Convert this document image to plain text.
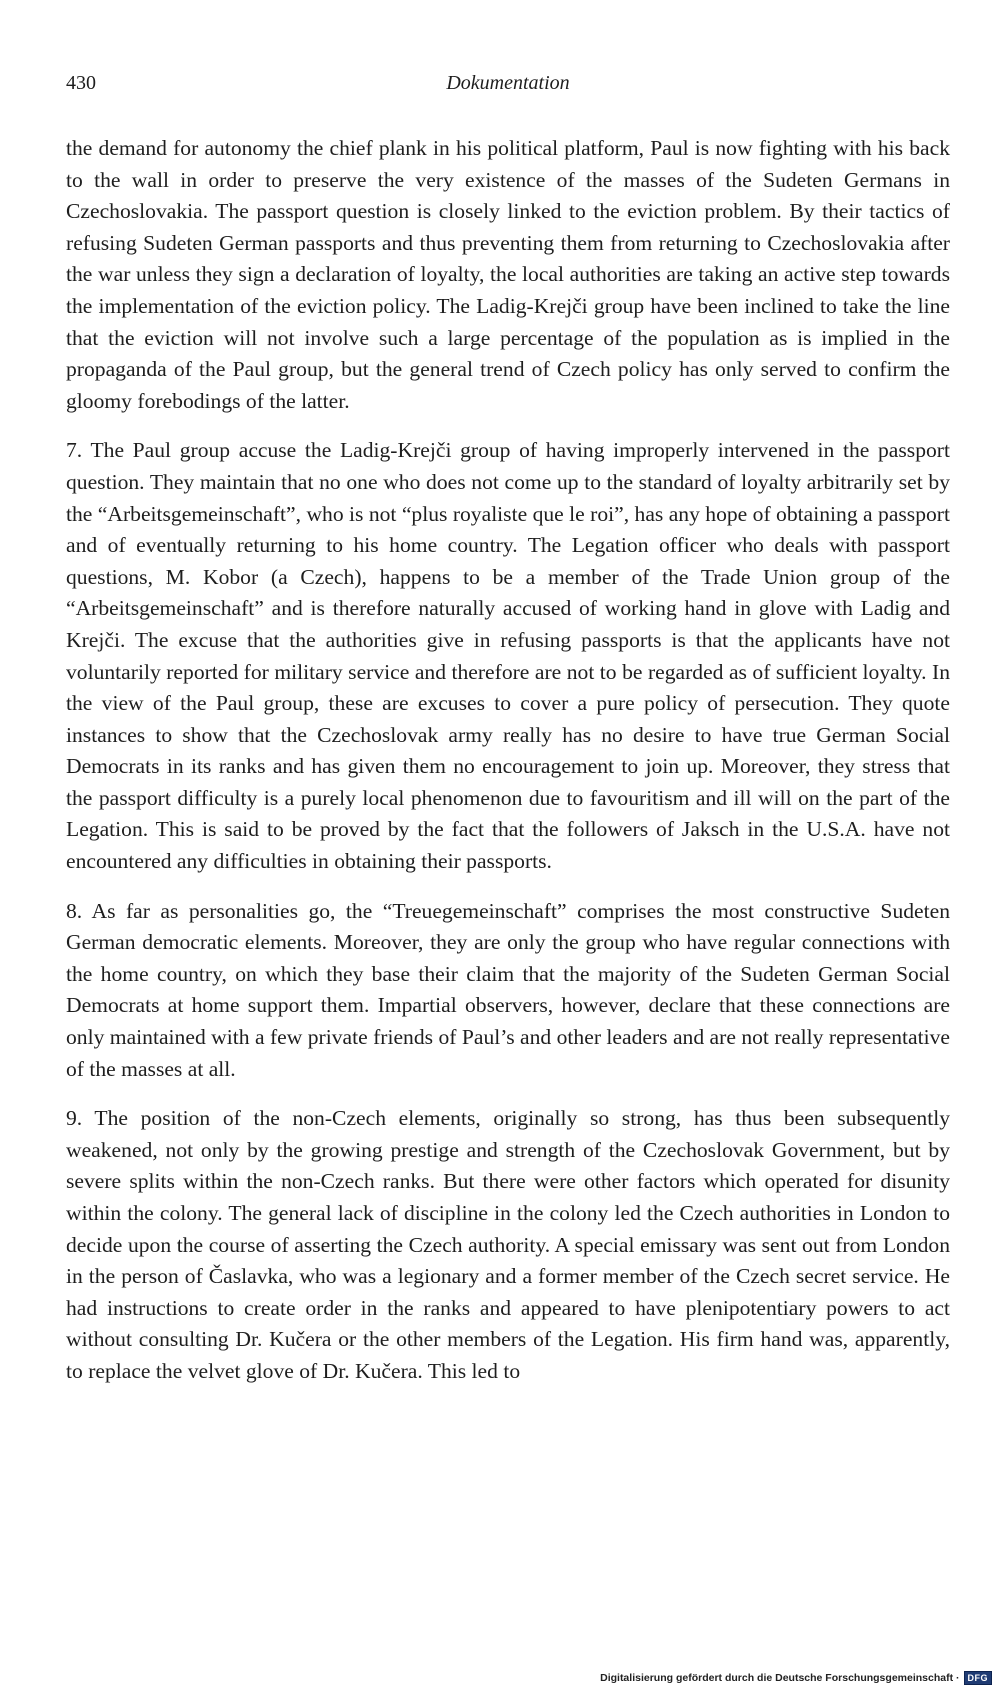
430	Dokumentation

the demand for autonomy the chief plank in his political platform, Paul is now fighting with his back to the wall in order to preserve the very existence of the masses of the Sudeten Germans in Czechoslovakia. The passport question is closely linked to the eviction problem. By their tactics of refusing Sudeten German passports and thus preventing them from returning to Czechoslovakia after the war unless they sign a declaration of loyalty, the local authorities are taking an active step towards the implementation of the eviction policy. The Ladig-Krejči group have been inclined to take the line that the eviction will not involve such a large percentage of the population as is implied in the propaganda of the Paul group, but the general trend of Czech policy has only served to confirm the gloomy forebodings of the latter.

7. The Paul group accuse the Ladig-Krejči group of having improperly intervened in the passport question. They maintain that no one who does not come up to the standard of loyalty arbitrarily set by the “Arbeitsgemeinschaft”, who is not “plus royaliste que le roi”, has any hope of obtaining a passport and of eventually returning to his home country. The Legation officer who deals with passport questions, M. Kobor (a Czech), happens to be a member of the Trade Union group of the “Arbeitsgemeinschaft” and is therefore naturally accused of working hand in glove with Ladig and Krejči. The excuse that the authorities give in refusing passports is that the applicants have not voluntarily reported for military service and therefore are not to be regarded as of sufficient loyalty. In the view of the Paul group, these are excuses to cover a pure policy of persecution. They quote instances to show that the Czechoslovak army really has no desire to have true German Social Democrats in its ranks and has given them no encouragement to join up. Moreover, they stress that the passport difficulty is a purely local phenomenon due to favouritism and ill will on the part of the Legation. This is said to be proved by the fact that the followers of Jaksch in the U.S.A. have not encountered any difficulties in obtaining their passports.

8. As far as personalities go, the “Treuegemeinschaft” comprises the most constructive Sudeten German democratic elements. Moreover, they are only the group who have regular connections with the home country, on which they base their claim that the majority of the Sudeten German Social Democrats at home support them. Impartial observers, however, declare that these connections are only maintained with a few private friends of Paul’s and other leaders and are not really representative of the masses at all.

9. The position of the non-Czech elements, originally so strong, has thus been subsequently weakened, not only by the growing prestige and strength of the Czechoslovak Government, but by severe splits within the non-Czech ranks. But there were other factors which operated for disunity within the colony. The general lack of discipline in the colony led the Czech authorities in London to decide upon the course of asserting the Czech authority. A special emissary was sent out from London in the person of Časlavka, who was a legionary and a former member of the Czech secret service. He had instructions to create order in the ranks and appeared to have plenipotentiary powers to act without consulting Dr. Kučera or the other members of the Legation. His firm hand was, apparently, to replace the velvet glove of Dr. Kučera. This led to

Digitalisierung gefördert durch die Deutsche Forschungsgemeinschaft · DFG
